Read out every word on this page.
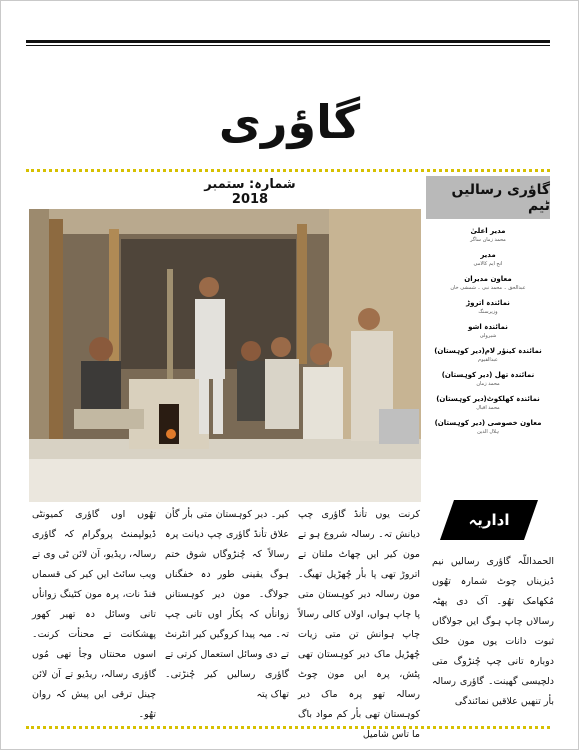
گاؤری
شمارہ: ستمبر 2018
گاؤری رسالیں ٹیم
مدیر اعلیٰ
محمد زمان ساگر
مدیر
انج ایم کالامی
معاون مدیران
عبدالحق ۔ محمد نبی ۔ شمشی خان
نمائندہ اتروڑ
وزیرسنگ
نمائندہ اشو
شیرولی
نمائندہ کینؤر لام(دیر کوہستان)
عبدالقیوم
نمائندہ تھل (دیر کوہستان)
محمد زمان
نمائندہ کھلکوٹ(دیر کوہستان)
محمد اقبال
معاون خصوصی (دیر کوہستان)
ہلال الدین
اداریہ
الحمداللّہ گاؤری رسالیں نیم ڈیزیناں چوٹ شمارہ تھُوں مُکھامک تھُو۔ آک دی پھٹہ رسالاں چاپ ہوگ ایں جولاگاں ثبوت دانات یوں مون خلک دوبارہ تانی چپ چُنڑوگ متی دلچیسی گھینت۔ گاؤری رسالہ بأر تنھیں علاقیں نمائندگی
کرنت یوں تأنڈ گاؤری چپ دیانش تہ۔ رسالہ شروع ہو تے مون کیر ایں چھاٹ ملتان تے اتروڑ تھی پا بأر چُھڑیل تھیگ۔ مون رسالہ دیر کوہستان متی پا چاپ ہواں، اولاں کالی رسالاً چاپ ہوانش تن متی زیات چُھڑیل ماک دیر کوہستان تھی پٹش، پرہ ایں مون چوٹ رسالہ تھو پرہ ماک دیر کوہستان تھی بأر کم مواد باگ ما تأس شامیل
کیر۔ دیر کوہستان متی بأر گأن علاق تأنڈ گاؤری چپ دیانت پرہ رسالاً کہ چُنڑوگاں شوق ختم ہوگ یقینی طور دہ خفگناں جولاگ۔ مون دیر کوہستانں زوانأں کہ پکأر اوں تانی چپ تہ۔ میہ پیدا کروگیں کیر انٹرنٹ تے دی وسائل استعمال کرتی تے گاؤری رسالیں کیر چُنڑتی۔ تھاک پتہ
تھُوں اوں گاؤری کمیونٹی ڈیولپمنٹ پروگرام کہ گاؤری رسالہ، ریڈیو، آن لائن ٹی وی تے ویب سائٹ ایں کیر کی قسماں فنڈ نات، پرہ مون کٹینگ زوانأں تانی وسائل دہ تھیر کھور پھشکانت تے محنأت کرنت۔ اسوں محنتاں وجأ تھی مُوں گاؤری رسالہ، ریڈیو تے آن لائن چینل ترقی ایں پیش کہ روان تھُو۔
